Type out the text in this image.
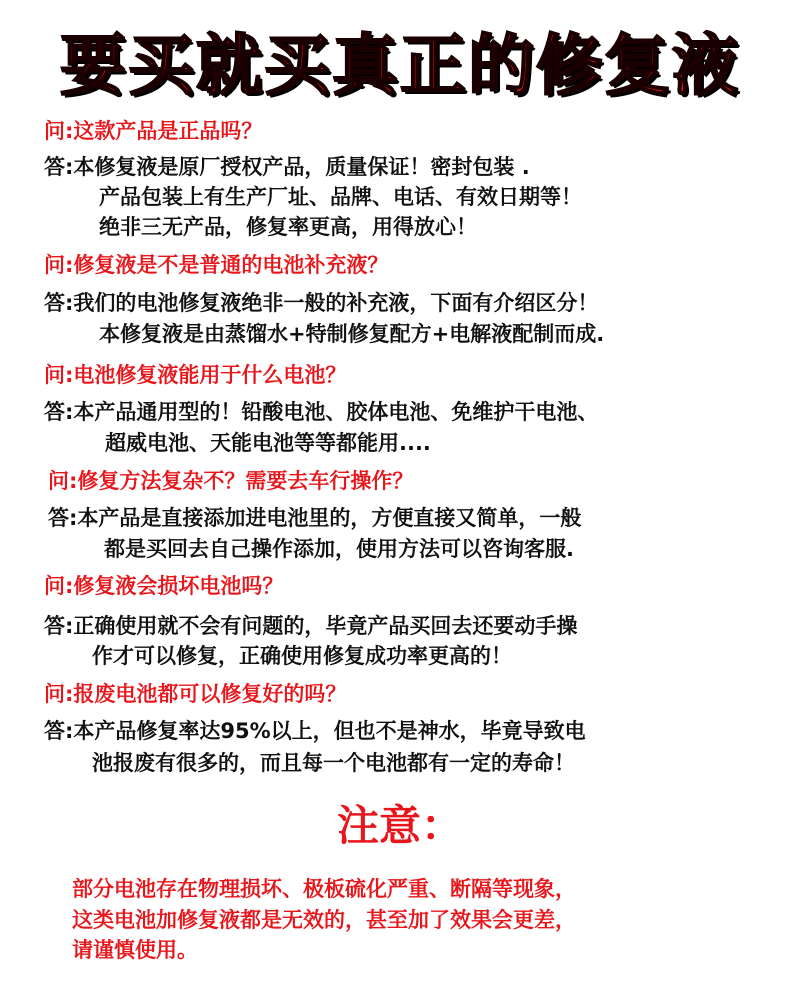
要买就买真正的修复液
问:这款产品是正品吗？
答:本修复液是原厂授权产品，质量保证！密封包装 .
产品包装上有生产厂址、品牌、电话、有效日期等！
绝非三无产品，修复率更高，用得放心！
问:修复液是不是普通的电池补充液？
答:我们的电池修复液绝非一般的补充液，下面有介绍区分！
本修复液是由蒸馏水+特制修复配方+电解液配制而成.
问:电池修复液能用于什么电池？
答:本产品通用型的！铅酸电池、胶体电池、免维护干电池、
超威电池、天能电池等等都能用....
问:修复方法复杂不？需要去车行操作？
答:本产品是直接添加进电池里的，方便直接又简单，一般
都是买回去自己操作添加，使用方法可以咨询客服.
问:修复液会损坏电池吗？
答:正确使用就不会有问题的，毕竟产品买回去还要动手操
作才可以修复，正确使用修复成功率更高的！
问:报废电池都可以修复好的吗？
答:本产品修复率达95%以上，但也不是神水，毕竟导致电
池报废有很多的，而且每一个电池都有一定的寿命！
注意：
部分电池存在物理损坏、极板硫化严重、断隔等现象，
这类电池加修复液都是无效的，甚至加了效果会更差，
请谨慎使用。
